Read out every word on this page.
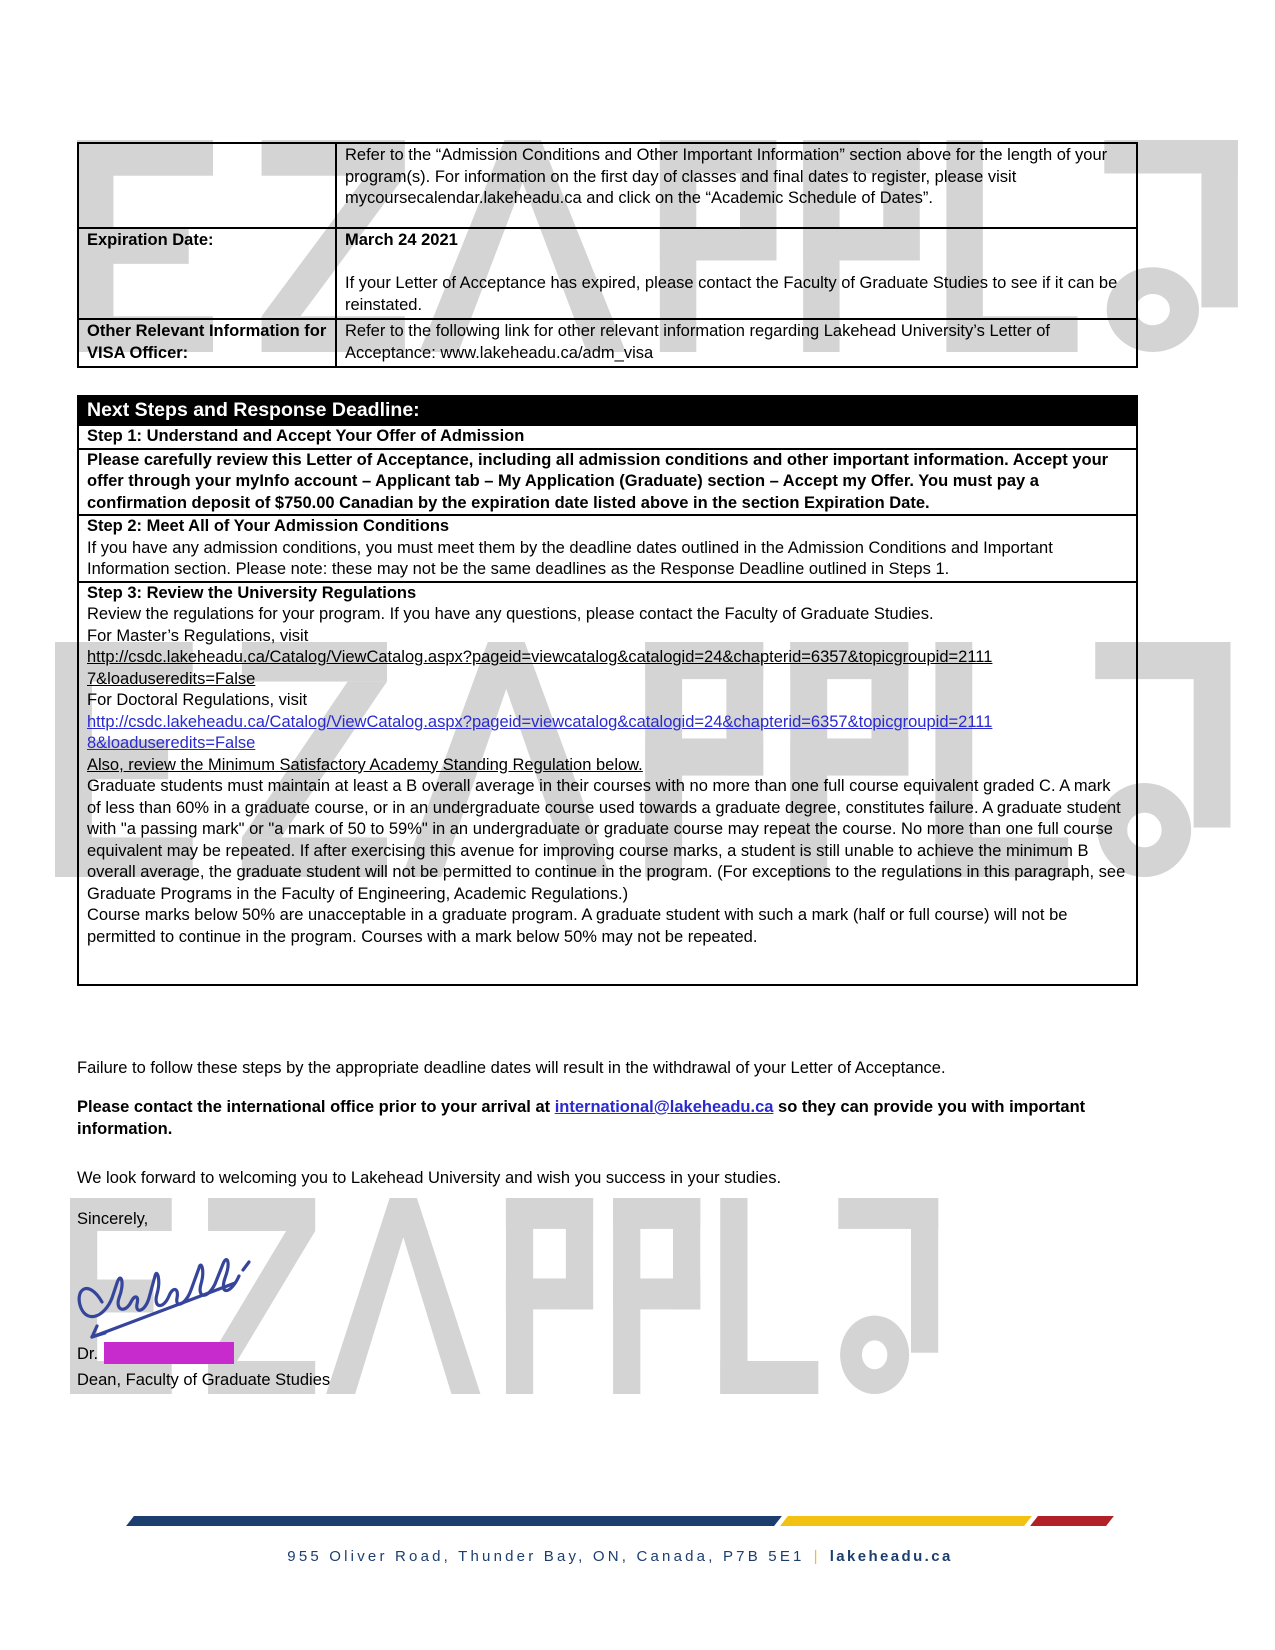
	Refer to the “Admission Conditions and Other Important Information” section above for the length of your program(s). For information on the first day of classes and final dates to register, please visit mycoursecalendar.lakeheadu.ca and click on the “Academic Schedule of Dates”.
Expiration Date:	March 24 2021

If your Letter of Acceptance has expired, please contact the Faculty of Graduate Studies to see if it can be reinstated.

Other Relevant Information for VISA Officer:	Refer to the following link for other relevant information regarding Lakehead University’s Letter of Acceptance: www.lakeheadu.ca/adm_visa
Next Steps and Response Deadline:
Step 1: Understand and Accept Your Offer of Admission
Please carefully review this Letter of Acceptance, including all admission conditions and other important information. Accept your offer through your myInfo account – Applicant tab – My Application (Graduate) section – Accept my Offer. You must pay a confirmation deposit of $750.00 Canadian by the expiration date listed above in the section Expiration Date.
Step 2: Meet All of Your Admission Conditions
If you have any admission conditions, you must meet them by the deadline dates outlined in the Admission Conditions and Important Information section. Please note: these may not be the same deadlines as the Response Deadline outlined in Steps 1.
Step 3: Review the University Regulations
Review the regulations for your program. If you have any questions, please contact the Faculty of Graduate Studies.
For Master’s Regulations, visit
http://csdc.lakeheadu.ca/Catalog/ViewCatalog.aspx?pageid=viewcatalog&catalogid=24&chapterid=6357&topicgroupid=2111
7&loaduseredits=False
For Doctoral Regulations, visit
http://csdc.lakeheadu.ca/Catalog/ViewCatalog.aspx?pageid=viewcatalog&catalogid=24&chapterid=6357&topicgroupid=2111
8&loaduseredits=False
Also, review the Minimum Satisfactory Academy Standing Regulation below.
Graduate students must maintain at least a B overall average in their courses with no more than one full course equivalent graded C. A mark of less than 60% in a graduate course, or in an undergraduate course used towards a graduate degree, constitutes failure. A graduate student with "a passing mark" or "a mark of 50 to 59%" in an undergraduate or graduate course may repeat the course. No more than one full course equivalent may be repeated. If after exercising this avenue for improving course marks, a student is still unable to achieve the minimum B overall average, the graduate student will not be permitted to continue in the program. (For exceptions to the regulations in this paragraph, see Graduate Programs in the Faculty of Engineering, Academic Regulations.)
Course marks below 50% are unacceptable in a graduate program. A graduate student with such a mark (half or full course) will not be permitted to continue in the program. Courses with a mark below 50% may not be repeated.
Failure to follow these steps by the appropriate deadline dates will result in the withdrawal of your Letter of Acceptance.
Please contact the international office prior to your arrival at international@lakeheadu.ca so they can provide you with important information.
We look forward to welcoming you to Lakehead University and wish you success in your studies.
Sincerely,
Dr.
Dean, Faculty of Graduate Studies
955 Oliver Road, Thunder Bay, ON, Canada, P7B 5E1 | lakeheadu.ca
